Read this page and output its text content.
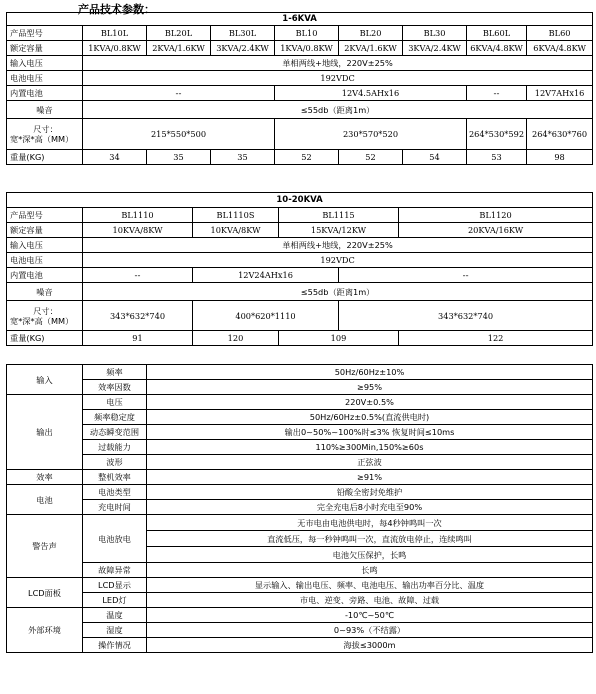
产品技术参数：
1-6KVA								
产品型号	BL10L	BL20L	BL30L	BL10	BL20	BL30	BL60L	BL60
额定容量	1KVA/0.8KW	2KVA/1.6KW	3KVA/2.4KW	1KVA/0.8KW	2KVA/1.6KW	3KVA/2.4KW	6KVA/4.8KW	6KVA/4.8KW
输入电压	单相两线+地线，220V±25%							
电池电压	192VDC							
内置电池	--			12V4.5AHx16			--	12V7AHx16
噪音	≤55db（距离1m）							

尺寸：
宽*深*高（MM）	215*550*500			230*570*520			264*530*592	264*630*760
重量(KG)	34	35	35	52	52	54	53	98
10-20KVA					
产品型号	BL1110	BL1110S	BL1115		BL1120
额定容量	10KVA/8KW	10KVA/8KW	15KVA/12KW		20KVA/16KW
输入电压	单相两线+地线，220V±25%				
电池电压	192VDC				
内置电池	--	12V24AHx16		--	
噪音	≤55db（距离1m）				

尺寸：
宽*深*高（MM）	343*632*740	400*620*1110		343*632*740	
重量(KG)	91	120	109		122
输入	频率	50Hz/60Hz±10%
	效率因数	≥95%
输出	电压	220V±0.5%
	频率稳定度	50Hz/60Hz±0.5%(直流供电时)
	动态瞬变范围	输出0~50%~100%时≤3% 恢复时间≤10ms
	过载能力	110%≥300Min,150%≥60s
	波形	正弦波
效率	整机效率	≥91%
电池	电池类型	铅酸全密封免维护
	充电时间	完全充电后8小时充电至90%
警告声	电池放电	无市电由电池供电时，每4秒钟鸣叫一次
		直流低压，每一秒钟鸣叫一次，直流放电停止，连续鸣叫
		电池欠压保护，长鸣
	故障异常	长鸣
LCD面板	LCD显示	显示输入、输出电压、频率、电池电压、输出功率百分比、温度
	LED灯	市电、逆变、旁路、电池、故障、过载
外部环境	温度	-10℃~50℃
	湿度	0~93%（不结露）
	操作情况	海拔≤3000m
